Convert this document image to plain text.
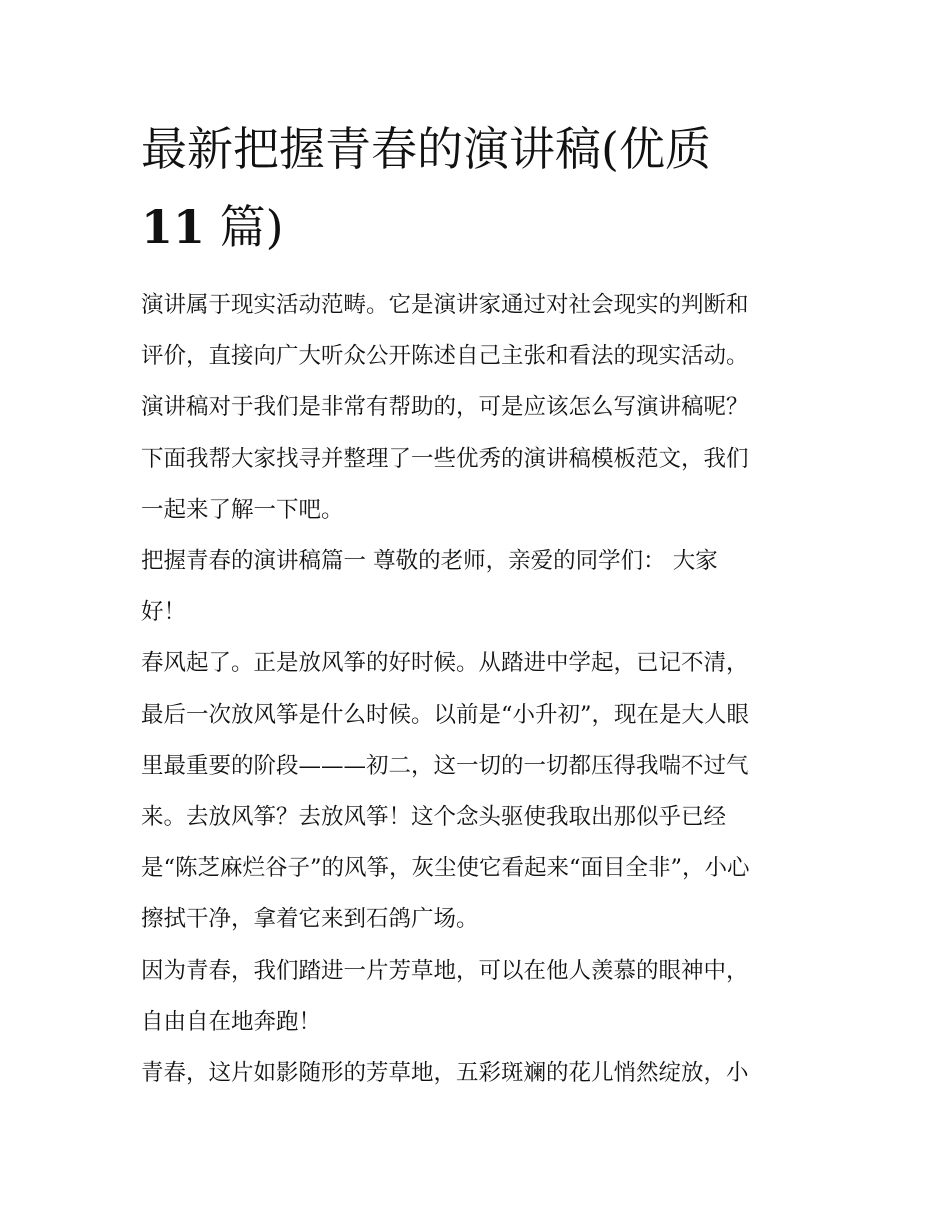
最新把握青春的演讲稿(优质
11 篇)
演讲属于现实活动范畴。它是演讲家通过对社会现实的判断和
评价，直接向广大听众公开陈述自己主张和看法的现实活动。
演讲稿对于我们是非常有帮助的，可是应该怎么写演讲稿呢？
下面我帮大家找寻并整理了一些优秀的演讲稿模板范文，我们
一起来了解一下吧。
把握青春的演讲稿篇一 尊敬的老师，亲爱的同学们： 大家
好！
春风起了。正是放风筝的好时候。从踏进中学起，已记不清，
最后一次放风筝是什么时候。以前是“小升初”，现在是大人眼
里最重要的阶段———初二，这一切的一切都压得我喘不过气
来。去放风筝？去放风筝！这个念头驱使我取出那似乎已经
是“陈芝麻烂谷子”的风筝，灰尘使它看起来“面目全非”，小心
擦拭干净，拿着它来到石鸽广场。
因为青春，我们踏进一片芳草地，可以在他人羡慕的眼神中，
自由自在地奔跑！
青春，这片如影随形的芳草地，五彩斑斓的花儿悄然绽放，小
